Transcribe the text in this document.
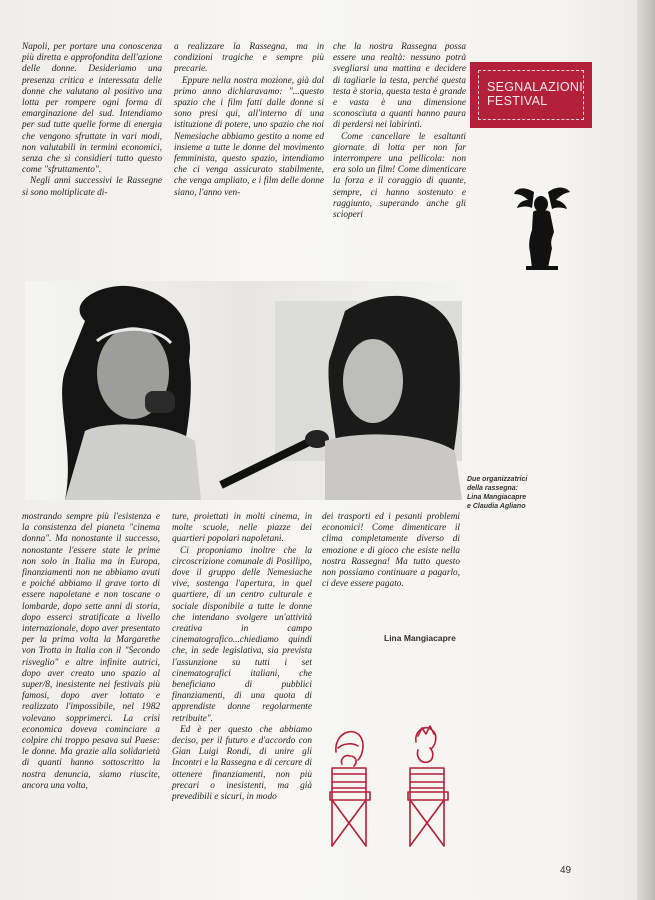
Napoli, per portare una conoscenza più diretta e approfondita dell'azione delle donne. Desideriamo una presenza critica e interessata delle donne che valutano al positivo una lotta per rompere ogni forma di emarginazione del sud. Intendiamo per sud tutte quelle forme di energia che vengono sfruttate in vari modi, non valutabili in termini economici, senza che si considieri tutto questo come "sfruttamento".

Negli anni successivi le Rassegne si sono moltiplicate di-

a realizzare la Rassegna, ma in condizioni tragiche e sempre più precarie.

Eppure nella nostra mozione, già dal primo anno dichiaravamo: "...questo spazio che i film fatti dalle donne si sono presi qui, all'interno di una istituzione di potere, uno spazio che noi Nemesiache abbiamo gestito a nome ed insieme a tutte le donne del movimento femminista, questo spazio, intendiamo che ci venga assicurato stabilmente, che venga ampliato, e i film delle donne siano, l'anno ven-

che la nostra Rassegna possa essere una realtà: nessuno potrà svegliarsi una mattina e decidere di tagliarle la testa, perché questa testa è storia, questa testa è grande e vasta è una dimensione sconosciuta a quanti hanno paura di perdersi nei labirinti.

Come cancellare le esaltanti giornate di lotta per non far interrompere una pellicola: non era solo un film! Come dimenticare la forza e il coraggio di quante, sempre, ci hanno sostenuto e raggiunto, superando anche gli scioperi

SEGNALAZIONI
FESTIVAL
Due organizzatrici
della rassegna:
Lina Mangiacapre
e Claudia Agliano

mostrando sempre più l'esistenza e la consistenza del pianeta "cinema donna". Ma nonostante il successo, nonostante l'essere state le prime non solo in Italia ma in Europa, finanziamenti non ne abbiamo avuti e poiché abbiamo il grave torto di essere napoletane e non toscane o lombarde, dopo sette anni di storia, dopo esserci stratificate a livello internazionale, dopo aver presentato per la prima volta la Margarethe von Trotta in Italia con il "Secondo risveglio" e altre infinite autrici, dopo aver creato uno spazio al super/8, inesistente nei festivals più famosi, dopo aver lottato e realizzato l'impossibile, nel 1982 volevano sopprimerci. La crisi economica doveva cominciare a colpire chi troppo pesava sul Paese: le donne. Ma grazie alla solidarietà di quanti hanno sottoscritto la nostra denuncia, siamo riuscite, ancora una volta,

ture, proiettati in molti cinema, in molte scuole, nelle piazze dei quartieri popolari napoletani.

Ci proponiamo inoltre che la circoscrizione comunale di Posillipo, dove il gruppo delle Nemesiache vive, sostenga l'apertura, in quel quartiere, di un centro culturale e sociale disponibile a tutte le donne che intendano svolgere un'attività creativa in campo cinematografico...chiediamo quindi che, in sede legislativa, sia prevista l'assunzione su tutti i set cinematografici italiani, che beneficiano di pubblici finanziamenti, di una quota di apprendiste donne regolarmente retribuite".

Ed è per questo che abbiamo deciso, per il futuro e d'accordo con Gian Luigi Rondi, di unire gli Incontri e la Rassegna e di cercare di ottenere finanziamenti, non più precari o inesistenti, ma già prevedibili e sicuri, in modo

dei trasporti ed i pesanti problemi economici! Come dimenticare il clima completamente diverso di emozione e di gioco che esiste nella nostra Rassegna! Ma tutto questo non possiamo continuare a pagarlo, ci deve essere pagato.

Lina Mangiacapre
49
